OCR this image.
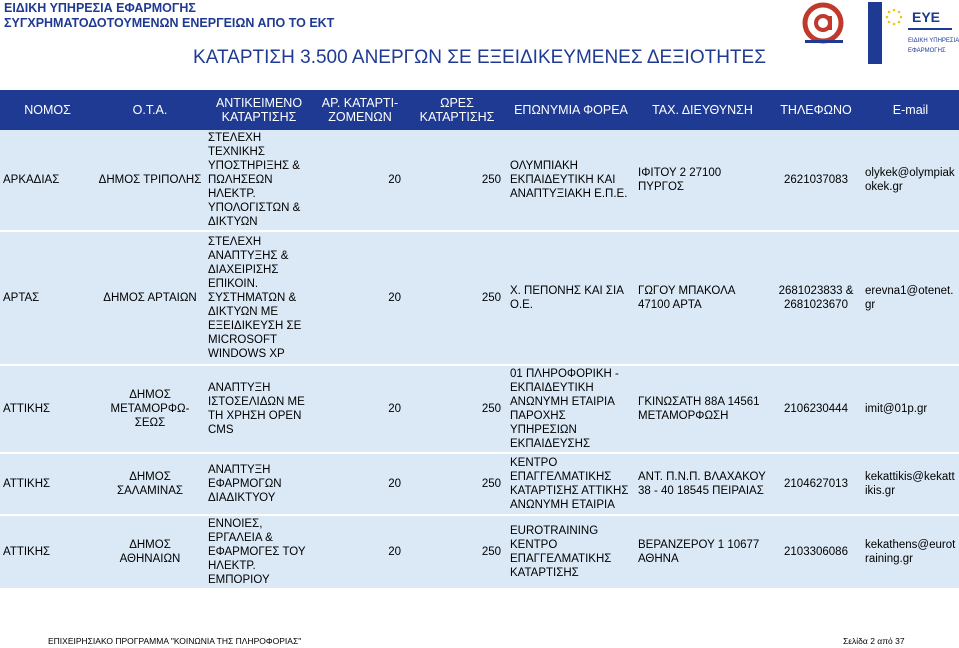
ΕΙΔΙΚΗ ΥΠΗΡΕΣΙΑ ΕΦΑΡΜΟΓΗΣ
ΣΥΓΧΡΗΜΑΤΟΔΟΤΟΥΜΕΝΩΝ ΕΝΕΡΓΕΙΩΝ ΑΠΟ ΤΟ ΕΚΤ	ΕΥΕ
ΕΙΔΙΚΗ ΥΠΗΡΕΣΙΑ
ΕΦΑΡΜΟΓΗΣ
ΚΑΤΑΡΤΙΣΗ 3.500 ΑΝΕΡΓΩΝ ΣΕ ΕΞΕΙΔΙΚΕΥΜΕΝΕΣ ΔΕΞΙΟΤΗΤΕΣ
ΝΟΜΟΣ	Ο.Τ.Α.	ΑΝΤΙΚΕΙΜΕΝΟ ΚΑΤΑΡΤΙΣΗΣ	ΑΡ. ΚΑΤΑΡΤΙ- ΖΟΜΕΝΩΝ	ΩΡΕΣ ΚΑΤΑΡΤΙΣΗΣ	ΕΠΩΝΥΜΙΑ ΦΟΡΕΑ	ΤΑΧ. ΔΙΕΥΘΥΝΣΗ	ΤΗΛΕΦΩΝΟ	E-mail
ΑΡΚΑΔΙΑΣ	ΔΗΜΟΣ ΤΡΙΠΟΛΗΣ	ΣΤΕΛΕΧΗ ΤΕΧΝΙΚΗΣ ΥΠΟΣΤΗΡΙΞΗΣ & ΠΩΛΗΣΕΩΝ ΗΛΕΚΤΡ. ΥΠΟΛΟΓΙΣΤΩΝ & ΔΙΚΤΥΩΝ	20	250	ΟΛΥΜΠΙΑΚΗ ΕΚΠΑΙΔΕΥΤΙΚΗ ΚΑΙ ΑΝΑΠΤΥΞΙΑΚΗ Ε.Π.Ε.	ΙΦΙΤΟΥ 2 27100 ΠΥΡΓΟΣ	2621037083	olykek@olympiakokek.gr
ΑΡΤΑΣ	ΔΗΜΟΣ ΑΡΤΑΙΩΝ	ΣΤΕΛΕΧΗ ΑΝΑΠΤΥΞΗΣ & ΔΙΑΧΕΙΡΙΣΗΣ ΕΠΙΚΟΙΝ. ΣΥΣΤΗΜΑΤΩΝ & ΔΙΚΤΥΩΝ ΜΕ ΕΞΕΙΔΙΚΕΥΣΗ ΣΕ MICROSOFT WINDOWS XP	20	250	Χ. ΠΕΠΟΝΗΣ ΚΑΙ ΣΙΑ Ο.Ε.	ΓΩΓΟΥ ΜΠΑΚΟΛΑ 47100 ΑΡΤΑ	2681023833 & 2681023670	erevna1@otenet.gr
ΑΤΤΙΚΗΣ	ΔΗΜΟΣ ΜΕΤΑΜΟΡΦΩ-ΣΕΩΣ	ΑΝΑΠΤΥΞΗ ΙΣΤΟΣΕΛΙΔΩΝ ΜΕ ΤΗ ΧΡΗΣΗ OPEN CMS	20	250	01 ΠΛΗΡΟΦΟΡΙΚΗ - ΕΚΠΑΙΔΕΥΤΙΚΗ ΑΝΩΝΥΜΗ ΕΤΑΙΡΙΑ ΠΑΡΟΧΗΣ ΥΠΗΡΕΣΙΩΝ ΕΚΠΑΙΔΕΥΣΗΣ	ΓΚΙΝΩΣΑΤΗ 88Α 14561 ΜΕΤΑΜΟΡΦΩΣΗ	2106230444	imit@01p.gr
ΑΤΤΙΚΗΣ	ΔΗΜΟΣ ΣΑΛΑΜΙΝΑΣ	ΑΝΑΠΤΥΞΗ ΕΦΑΡΜΟΓΩΝ ΔΙΑΔΙΚΤΥΟΥ	20	250	ΚΕΝΤΡΟ ΕΠΑΓΓΕΛΜΑΤΙΚΗΣ ΚΑΤΑΡΤΙΣΗΣ ΑΤΤΙΚΗΣ ΑΝΩΝΥΜΗ ΕΤΑΙΡΙΑ	ΑΝΤ. Π.Ν.Π. ΒΛΑΧΑΚΟΥ 38 - 40 18545 ΠΕΙΡΑΙΑΣ	2104627013	kekattikis@kekattikis.gr
ΑΤΤΙΚΗΣ	ΔΗΜΟΣ ΑΘΗΝΑΙΩΝ	ΕΝΝΟΙΕΣ, ΕΡΓΑΛΕΙΑ & ΕΦΑΡΜΟΓΕΣ ΤΟΥ ΗΛΕΚΤΡ. ΕΜΠΟΡΙΟΥ	20	250	EUROTRAINING ΚΕΝΤΡΟ ΕΠΑΓΓΕΛΜΑΤΙΚΗΣ ΚΑΤΑΡΤΙΣΗΣ	ΒΕΡΑΝΖΕΡΟΥ 1 10677 ΑΘΗΝΑ	2103306086	kekathens@eurotraining.gr
ΕΠΙΧΕΙΡΗΣΙΑΚΟ ΠΡΟΓΡΑΜΜΑ "ΚΟΙΝΩΝΙΑ ΤΗΣ ΠΛΗΡΟΦΟΡΙΑΣ"	Σελίδα 2 από 37
